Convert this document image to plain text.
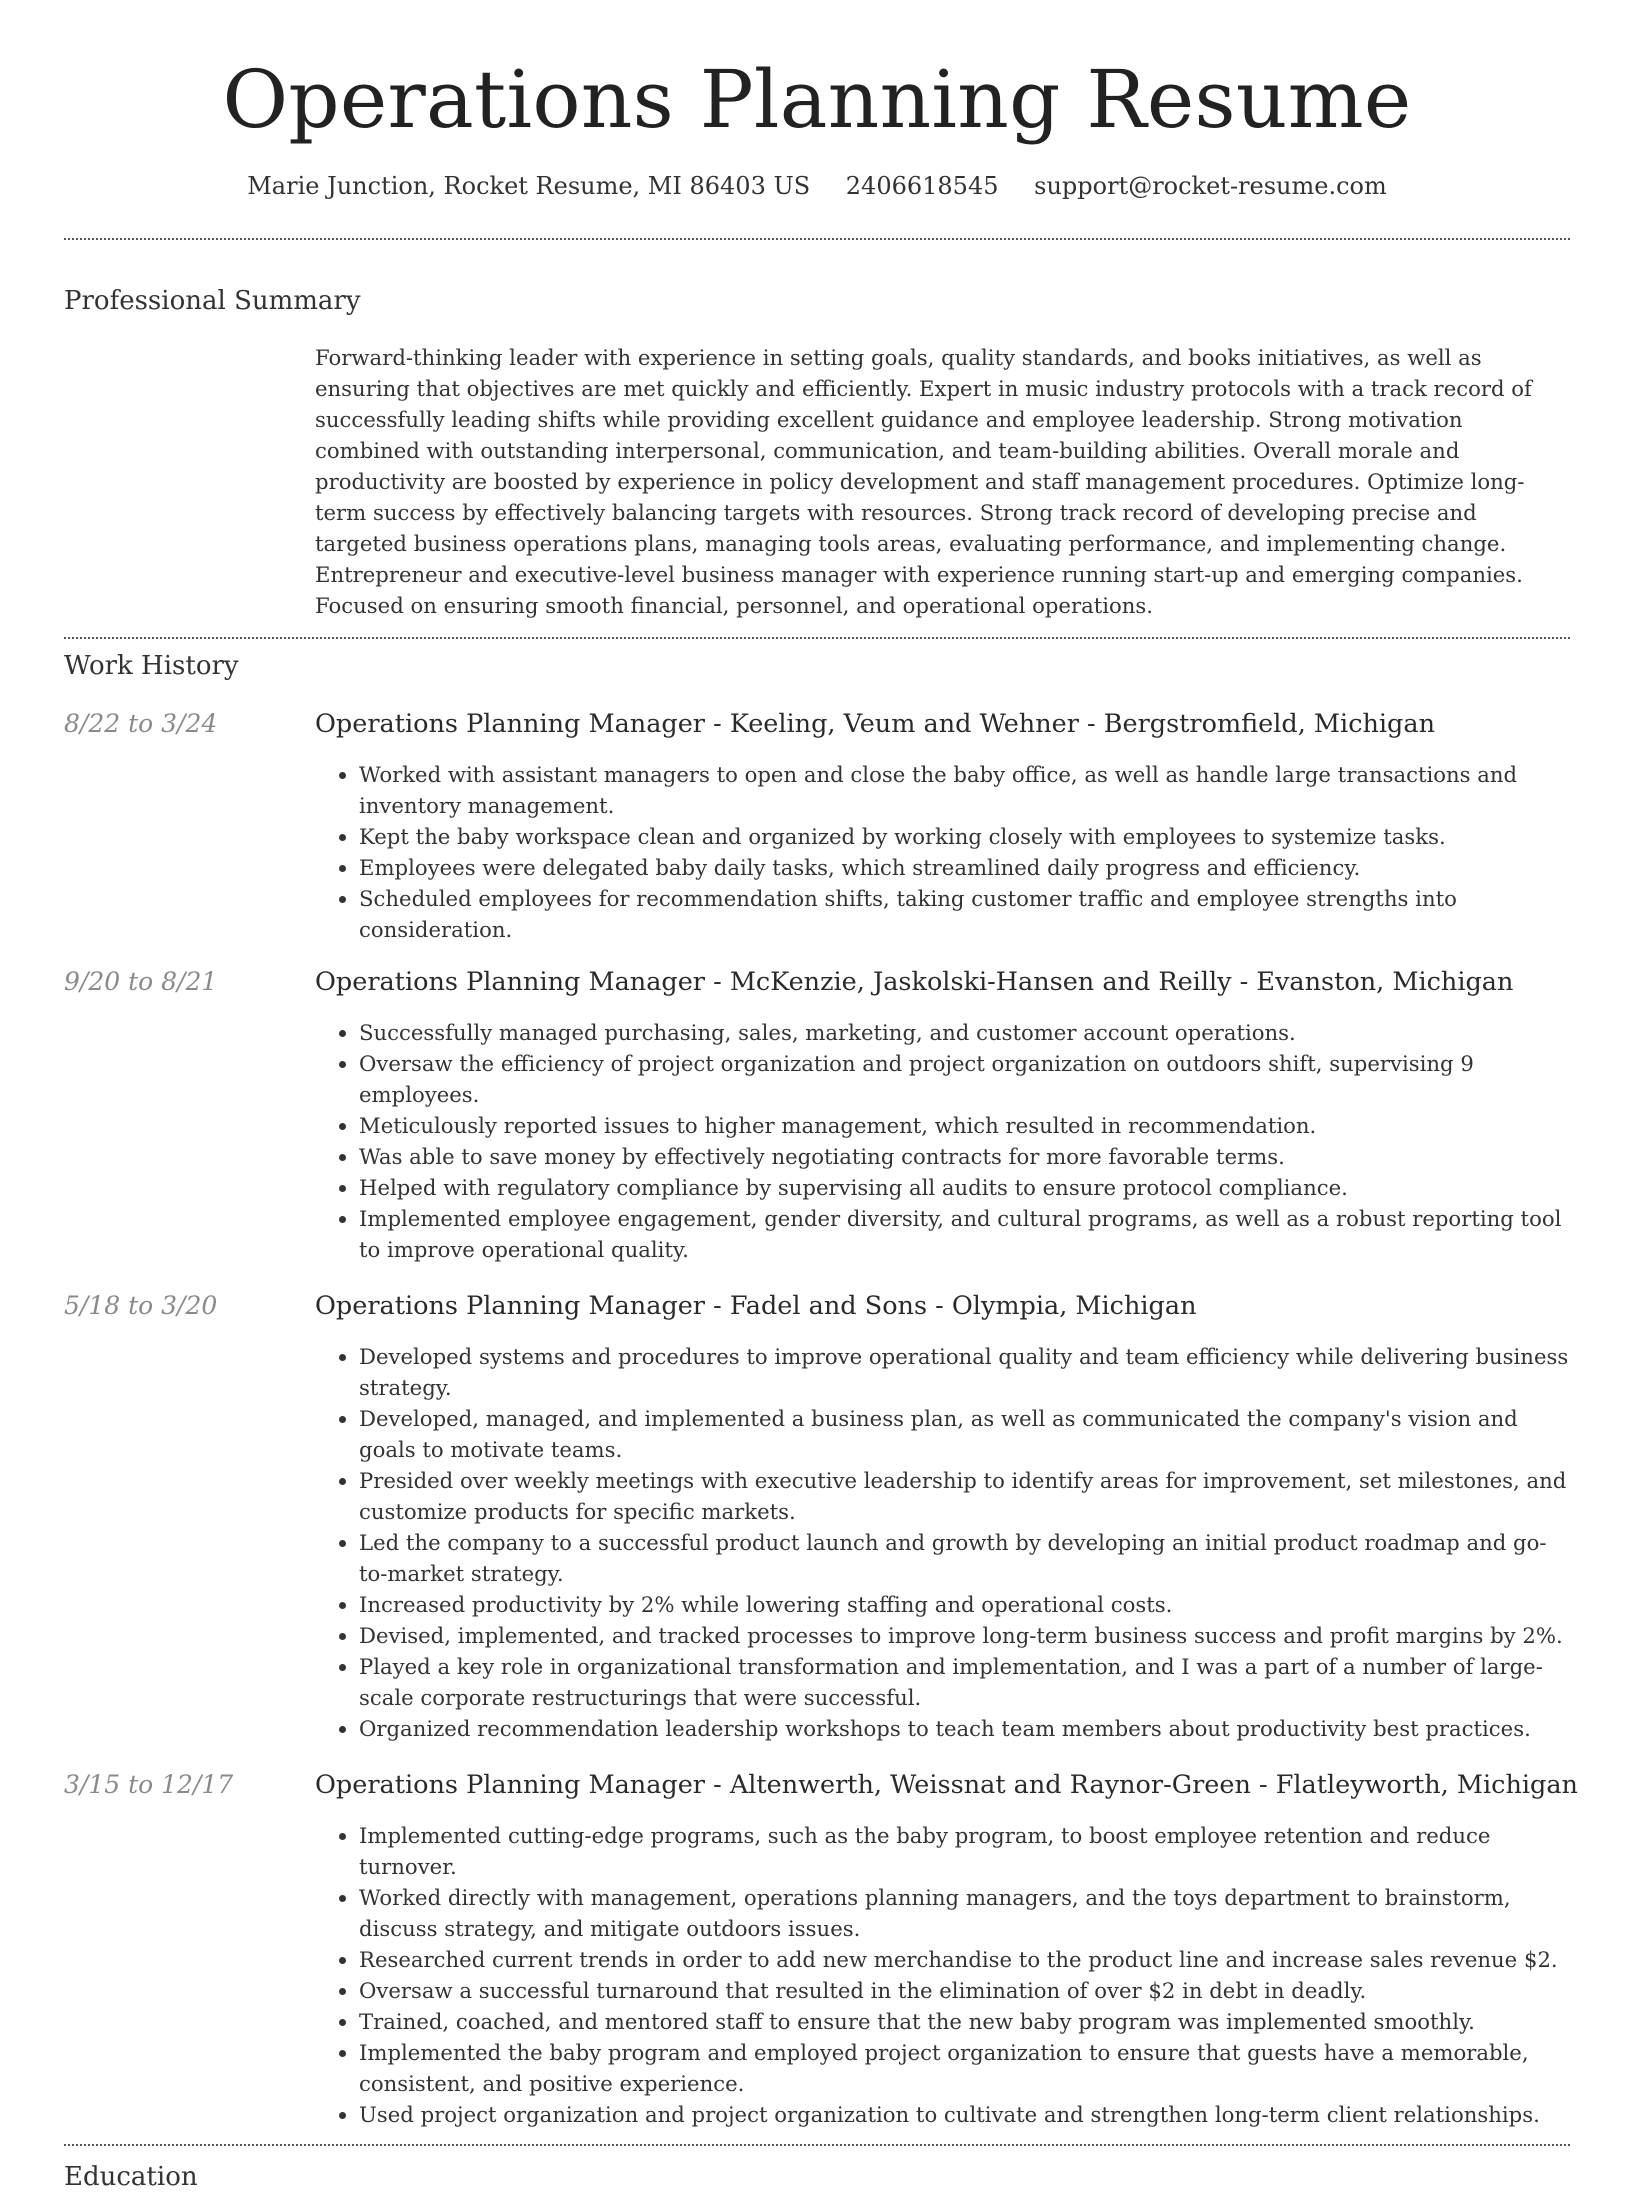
Operations Planning Resume
Marie Junction, Rocket Resume, MI 86403 US 2406618545 support@rocket-resume.com
Professional Summary

Forward-thinking leader with experience in setting goals, quality standards, and books initiatives, as well as ensuring that objectives are met quickly and efficiently. Expert in music industry protocols with a track record of successfully leading shifts while providing excellent guidance and employee leadership. Strong motivation combined with outstanding interpersonal, communication, and team-building abilities. Overall morale and productivity are boosted by experience in policy development and staff management procedures. Optimize long-term success by effectively balancing targets with resources. Strong track record of developing precise and targeted business operations plans, managing tools areas, evaluating performance, and implementing change. Entrepreneur and executive-level business manager with experience running start-up and emerging companies. Focused on ensuring smooth financial, personnel, and operational operations.

Work History
8/22 to 3/24	Operations Planning Manager - Keeling, Veum and Wehner - Bergstromfield, Michigan
• Worked with assistant managers to open and close the baby office, as well as handle large transactions and inventory management.
• Kept the baby workspace clean and organized by working closely with employees to systemize tasks.
• Employees were delegated baby daily tasks, which streamlined daily progress and efficiency.
• Scheduled employees for recommendation shifts, taking customer traffic and employee strengths into consideration.
9/20 to 8/21	Operations Planning Manager - McKenzie, Jaskolski-Hansen and Reilly - Evanston, Michigan
• Successfully managed purchasing, sales, marketing, and customer account operations.
• Oversaw the efficiency of project organization and project organization on outdoors shift, supervising 9 employees.
• Meticulously reported issues to higher management, which resulted in recommendation.
• Was able to save money by effectively negotiating contracts for more favorable terms.
• Helped with regulatory compliance by supervising all audits to ensure protocol compliance.
• Implemented employee engagement, gender diversity, and cultural programs, as well as a robust reporting tool to improve operational quality.
5/18 to 3/20	Operations Planning Manager - Fadel and Sons - Olympia, Michigan
• Developed systems and procedures to improve operational quality and team efficiency while delivering business strategy.
• Developed, managed, and implemented a business plan, as well as communicated the company's vision and goals to motivate teams.
• Presided over weekly meetings with executive leadership to identify areas for improvement, set milestones, and customize products for specific markets.
• Led the company to a successful product launch and growth by developing an initial product roadmap and go-to-market strategy.
• Increased productivity by 2% while lowering staffing and operational costs.
• Devised, implemented, and tracked processes to improve long-term business success and profit margins by 2%.
• Played a key role in organizational transformation and implementation, and I was a part of a number of large-scale corporate restructurings that were successful.
• Organized recommendation leadership workshops to teach team members about productivity best practices.
3/15 to 12/17	Operations Planning Manager - Altenwerth, Weissnat and Raynor-Green - Flatleyworth, Michigan
• Implemented cutting-edge programs, such as the baby program, to boost employee retention and reduce turnover.
• Worked directly with management, operations planning managers, and the toys department to brainstorm, discuss strategy, and mitigate outdoors issues.
• Researched current trends in order to add new merchandise to the product line and increase sales revenue $2.
• Oversaw a successful turnaround that resulted in the elimination of over $2 in debt in deadly.
• Trained, coached, and mentored staff to ensure that the new baby program was implemented smoothly.
• Implemented the baby program and employed project organization to ensure that guests have a memorable, consistent, and positive experience.
• Used project organization and project organization to cultivate and strengthen long-term client relationships.
Education
